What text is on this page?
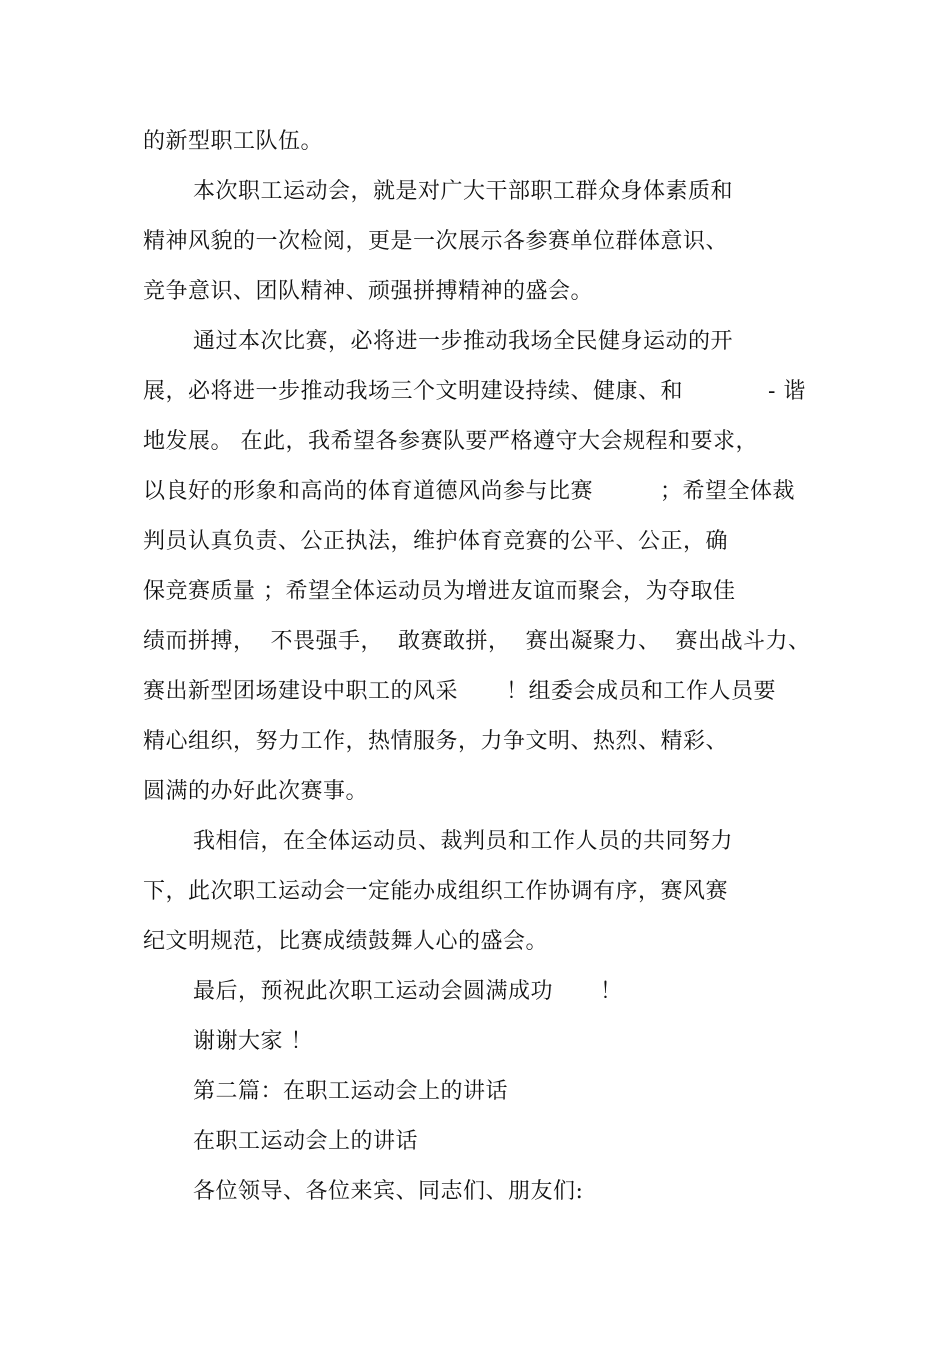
的新型职工队伍。
本次职工运动会，就是对广大干部职工群众身体素质和
精神风貌的一次检阅，更是一次展示各参赛单位群体意识、
竞争意识、团队精神、顽强拼搏精神的盛会。
通过本次比赛，必将进一步推动我场全民健身运动的开
展，必将进一步推动我场三个文明建设持续、健康、和	- 谐
地发展。 在此，我希望各参赛队要严格遵守大会规程和要求，
以良好的形象和高尚的体育道德风尚参与比赛	；希望全体裁
判员认真负责、公正执法，维护体育竞赛的公平、公正，确
保竞赛质量 ；希望全体运动员为增进友谊而聚会，为夺取佳
绩而拼搏，  不畏强手，  敢赛敢拼，  赛出凝聚力、  赛出战斗力、
赛出新型团场建设中职工的风采 ！组委会成员和工作人员要
精心组织，努力工作，热情服务，力争文明、热烈、精彩、
圆满的办好此次赛事。
我相信，在全体运动员、裁判员和工作人员的共同努力
下，此次职工运动会一定能办成组织工作协调有序，赛风赛
纪文明规范，比赛成绩鼓舞人心的盛会。
最后，预祝此次职工运动会圆满成功 ！
谢谢大家 ！
第二篇：在职工运动会上的讲话
在职工运动会上的讲话
各位领导、各位来宾、同志们、朋友们:
